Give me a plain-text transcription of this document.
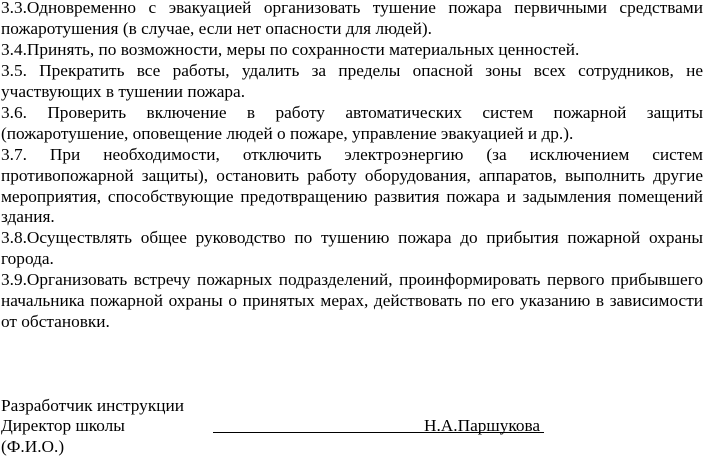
3.3.Одновременно с эвакуацией организовать тушение пожара первичными средствами пожаротушения (в случае, если нет опасности для людей).

3.4.Принять, по возможности, меры по сохранности материальных ценностей.

3.5. Прекратить все работы, удалить за пределы опасной зоны всех сотрудников, не участвующих в тушении пожара.

3.6. Проверить включение в работу автоматических систем пожарной защиты (пожаротушение, оповещение людей о пожаре, управление эвакуацией и др.).

3.7. При необходимости, отключить электроэнергию (за исключением систем противопожарной защиты), остановить работу оборудования, аппаратов, выполнить другие мероприятия, способствующие предотвращению развития пожара и задымления помещений здания.

3.8.Осуществлять общее руководство по тушению пожара до прибытия пожарной охраны города.

3.9.Организовать встречу пожарных подразделений, проинформировать первого прибывшего начальника пожарной охраны о принятых мерах, действовать по его указанию в зависимости от обстановки.

Разработчик инструкции
Директор школы	Н.А.Паршукова
(Ф.И.О.)
